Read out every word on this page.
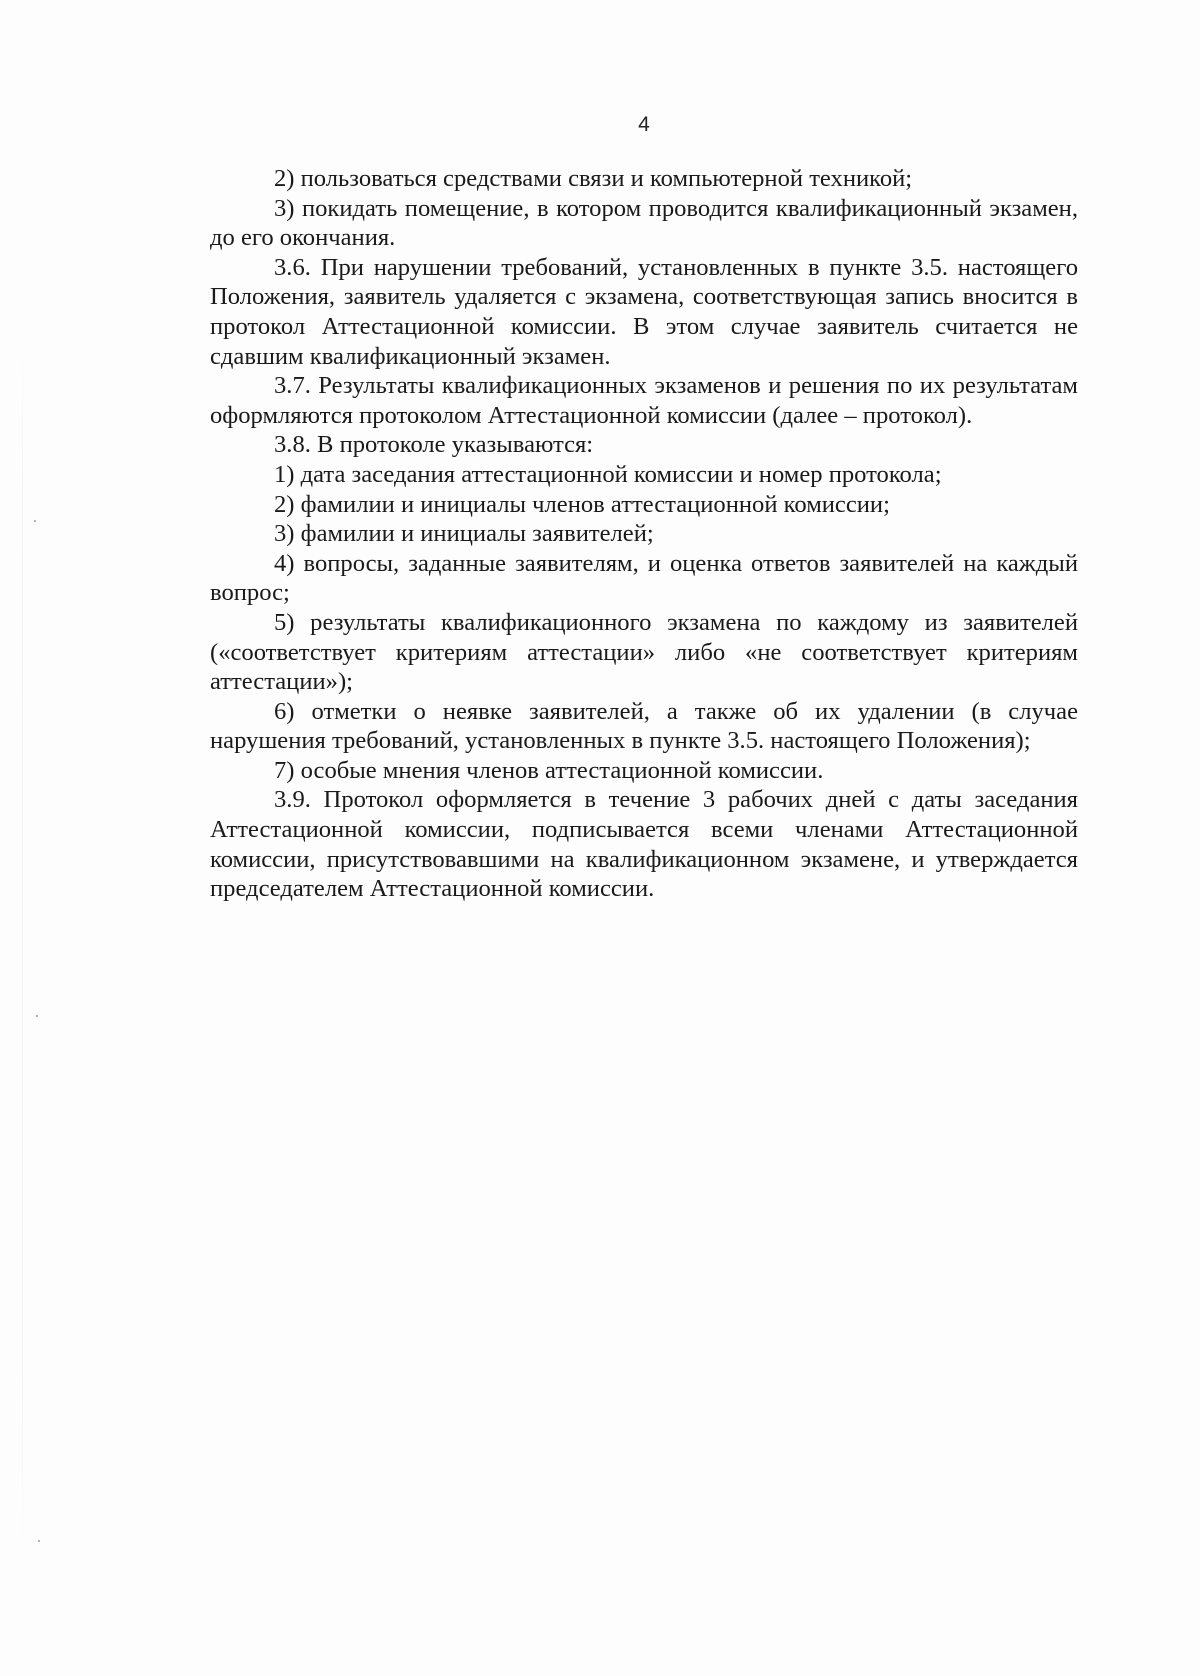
4

2) пользоваться средствами связи и компьютерной техникой;

3) покидать помещение, в котором проводится квалификационный экзамен, до его окончания.

3.6. При нарушении требований, установленных в пункте 3.5. настоящего Положения, заявитель удаляется с экзамена, соответствующая запись вносится в протокол Аттестационной комиссии. В этом случае заявитель считается не сдавшим квалификационный экзамен.

3.7. Результаты квалификационных экзаменов и решения по их результатам оформляются протоколом Аттестационной комиссии (далее – протокол).

3.8. В протоколе указываются:

1) дата заседания аттестационной комиссии и номер протокола;

2) фамилии и инициалы членов аттестационной комиссии;

3) фамилии и инициалы заявителей;

4) вопросы, заданные заявителям, и оценка ответов заявителей на каждый вопрос;

5) результаты квалификационного экзамена по каждому из заявителей («соответствует критериям аттестации» либо «не соответствует критериям аттестации»);

6) отметки о неявке заявителей, а также об их удалении (в случае нарушения требований, установленных в пункте 3.5. настоящего Положения);

7) особые мнения членов аттестационной комиссии.

3.9. Протокол оформляется в течение 3 рабочих дней с даты заседания Аттестационной комиссии, подписывается всеми членами Аттестационной комиссии, присутствовавшими на квалификационном экзамене, и утверждается председателем Аттестационной комиссии.
